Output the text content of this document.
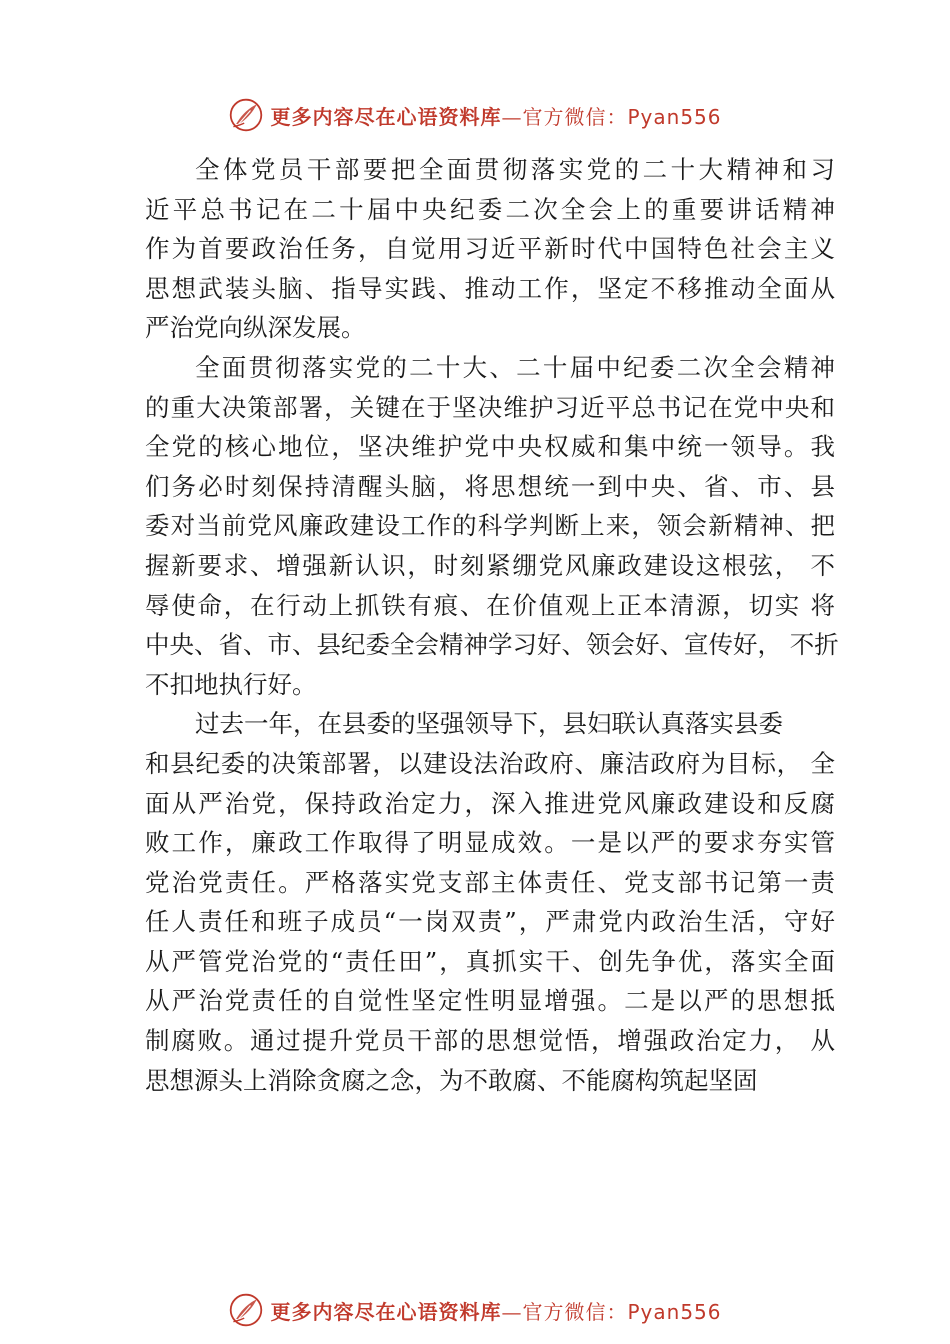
更多内容尽在心语资料库—官方微信：Pyan556
全体党员干部要把全面贯彻落实党的二十大精神和习
近平总书记在二十届中央纪委二次全会上的重要讲话精神
作为首要政治任务，自觉用习近平新时代中国特色社会主义
思想武装头脑、指导实践、推动工作，坚定不移推动全面从
严治党向纵深发展。
全面贯彻落实党的二十大、二十届中纪委二次全会精神
的重大决策部署，关键在于坚决维护习近平总书记在党中央和
全党的核心地位，坚决维护党中央权威和集中统一领导。我
们务必时刻保持清醒头脑，将思想统一到中央、省、市、县
委对当前党风廉政建设工作的科学判断上来，领会新精神、把
握新要求、增强新认识，时刻紧绷党风廉政建设这根弦， 不
辱使命，在行动上抓铁有痕、在价值观上正本清源，切实 将
中央、省、市、县纪委全会精神学习好、领会好、宣传好， 不折
不扣地执行好。
过去一年，在县委的坚强领导下，县妇联认真落实县委
和县纪委的决策部署，以建设法治政府、廉洁政府为目标， 全
面从严治党，保持政治定力，深入推进党风廉政建设和反腐
败工作，廉政工作取得了明显成效。一是以严的要求夯实管
党治党责任。严格落实党支部主体责任、党支部书记第一责
任人责任和班子成员“一岗双责”，严肃党内政治生活，守好
从严管党治党的“责任田”，真抓实干、创先争优，落实全面
从严治党责任的自觉性坚定性明显增强。二是以严的思想抵
制腐败。通过提升党员干部的思想觉悟，增强政治定力， 从
思想源头上消除贪腐之念，为不敢腐、不能腐构筑起坚固
更多内容尽在心语资料库—官方微信：Pyan556
